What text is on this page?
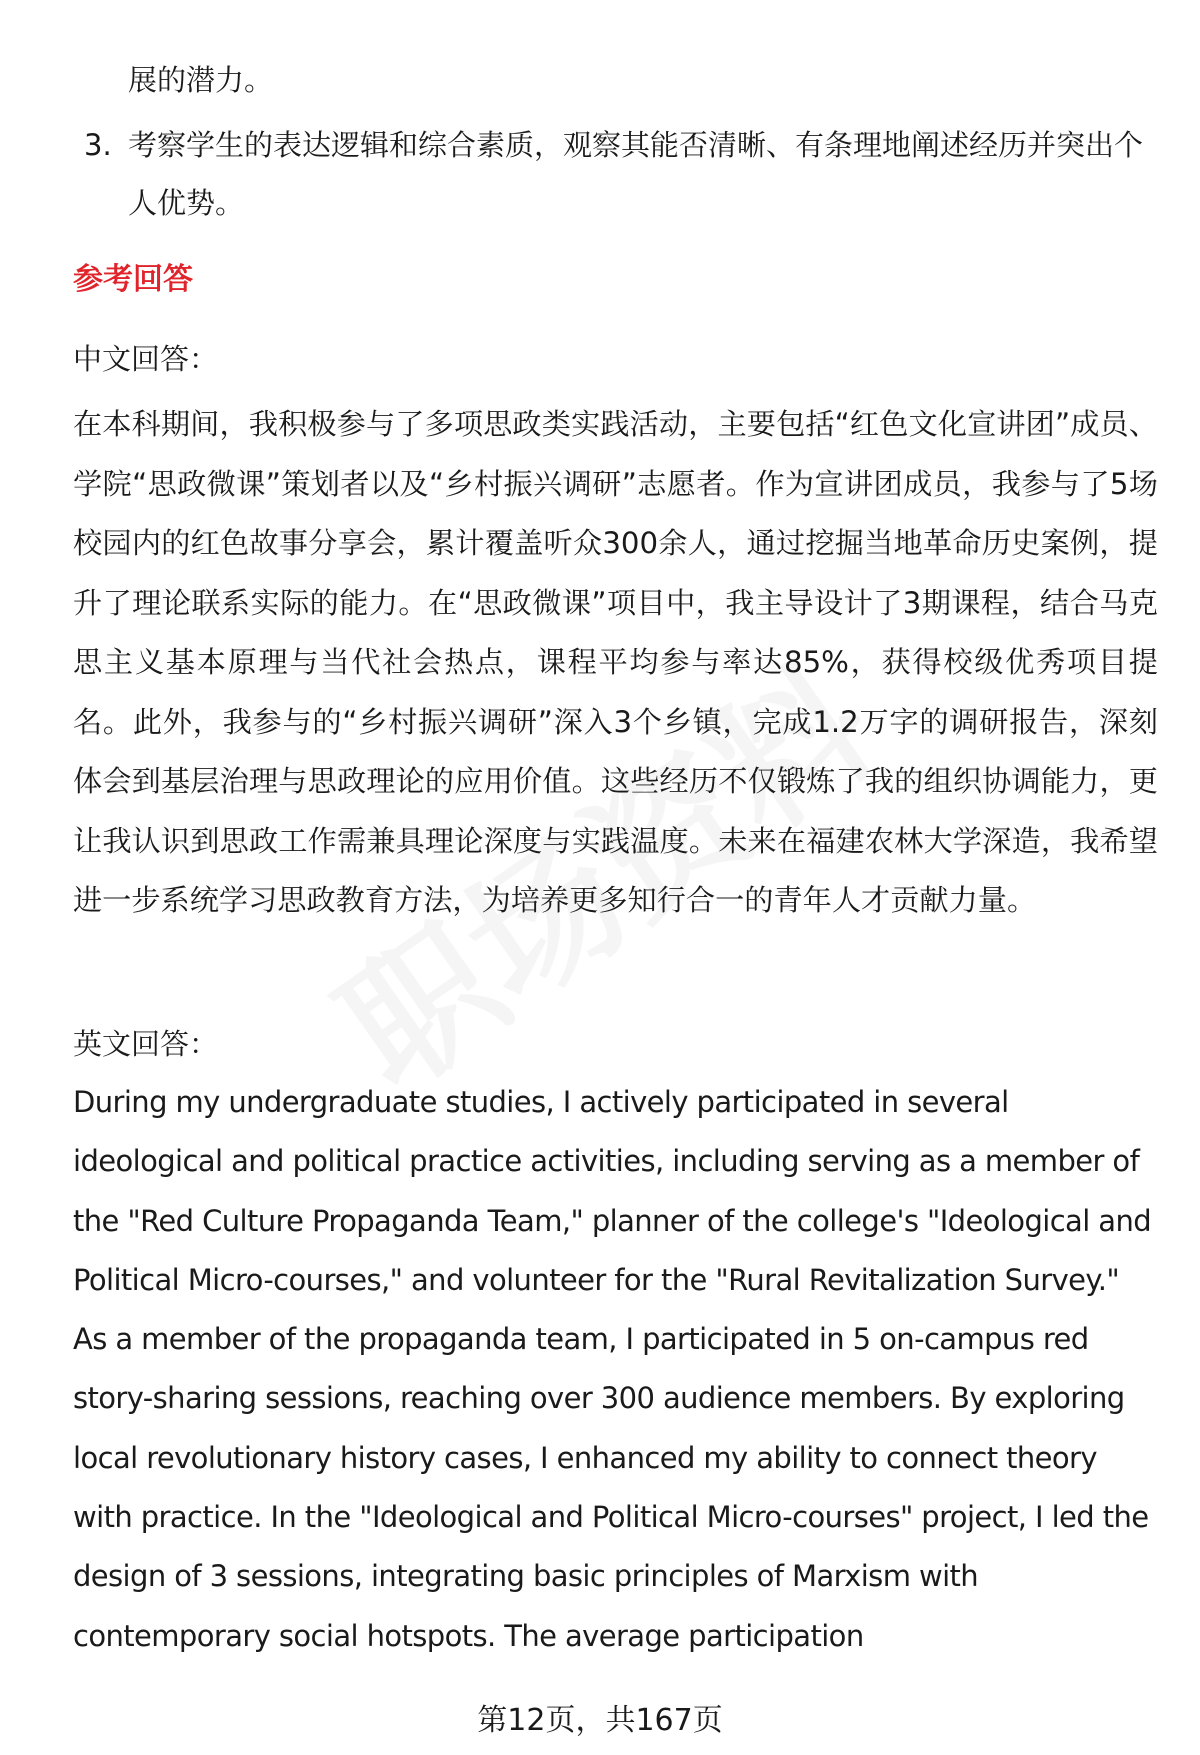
展的潜力。
3. 考察学生的表达逻辑和综合素质，观察其能否清晰、有条理地阐述经历并突出个人优势。
参考回答
中文回答：
在本科期间，我积极参与了多项思政类实践活动，主要包括“红色文化宣讲团”成员、学院“思政微课”策划者以及“乡村振兴调研”志愿者。作为宣讲团成员，我参与了5场校园内的红色故事分享会，累计覆盖听众300余人，通过挖掘当地革命历史案例，提升了理论联系实际的能力。在“思政微课”项目中，我主导设计了3期课程，结合马克思主义基本原理与当代社会热点，课程平均参与率达85%，获得校级优秀项目提名。此外，我参与的“乡村振兴调研”深入3个乡镇，完成1.2万字的调研报告，深刻体会到基层治理与思政理论的应用价值。这些经历不仅锻炼了我的组织协调能力，更让我认识到思政工作需兼具理论深度与实践温度。未来在福建农林大学深造，我希望进一步系统学习思政教育方法，为培养更多知行合一的青年人才贡献力量。
英文回答：
During my undergraduate studies, I actively participated in several ideological and political practice activities, including serving as a member of the "Red Culture Propaganda Team," planner of the college's "Ideological and Political Micro-courses," and volunteer for the "Rural Revitalization Survey." As a member of the propaganda team, I participated in 5 on-campus red story-sharing sessions, reaching over 300 audience members. By exploring local revolutionary history cases, I enhanced my ability to connect theory with practice. In the "Ideological and Political Micro-courses" project, I led the design of 3 sessions, integrating basic principles of Marxism with contemporary social hotspots. The average participation
第12页，共167页
